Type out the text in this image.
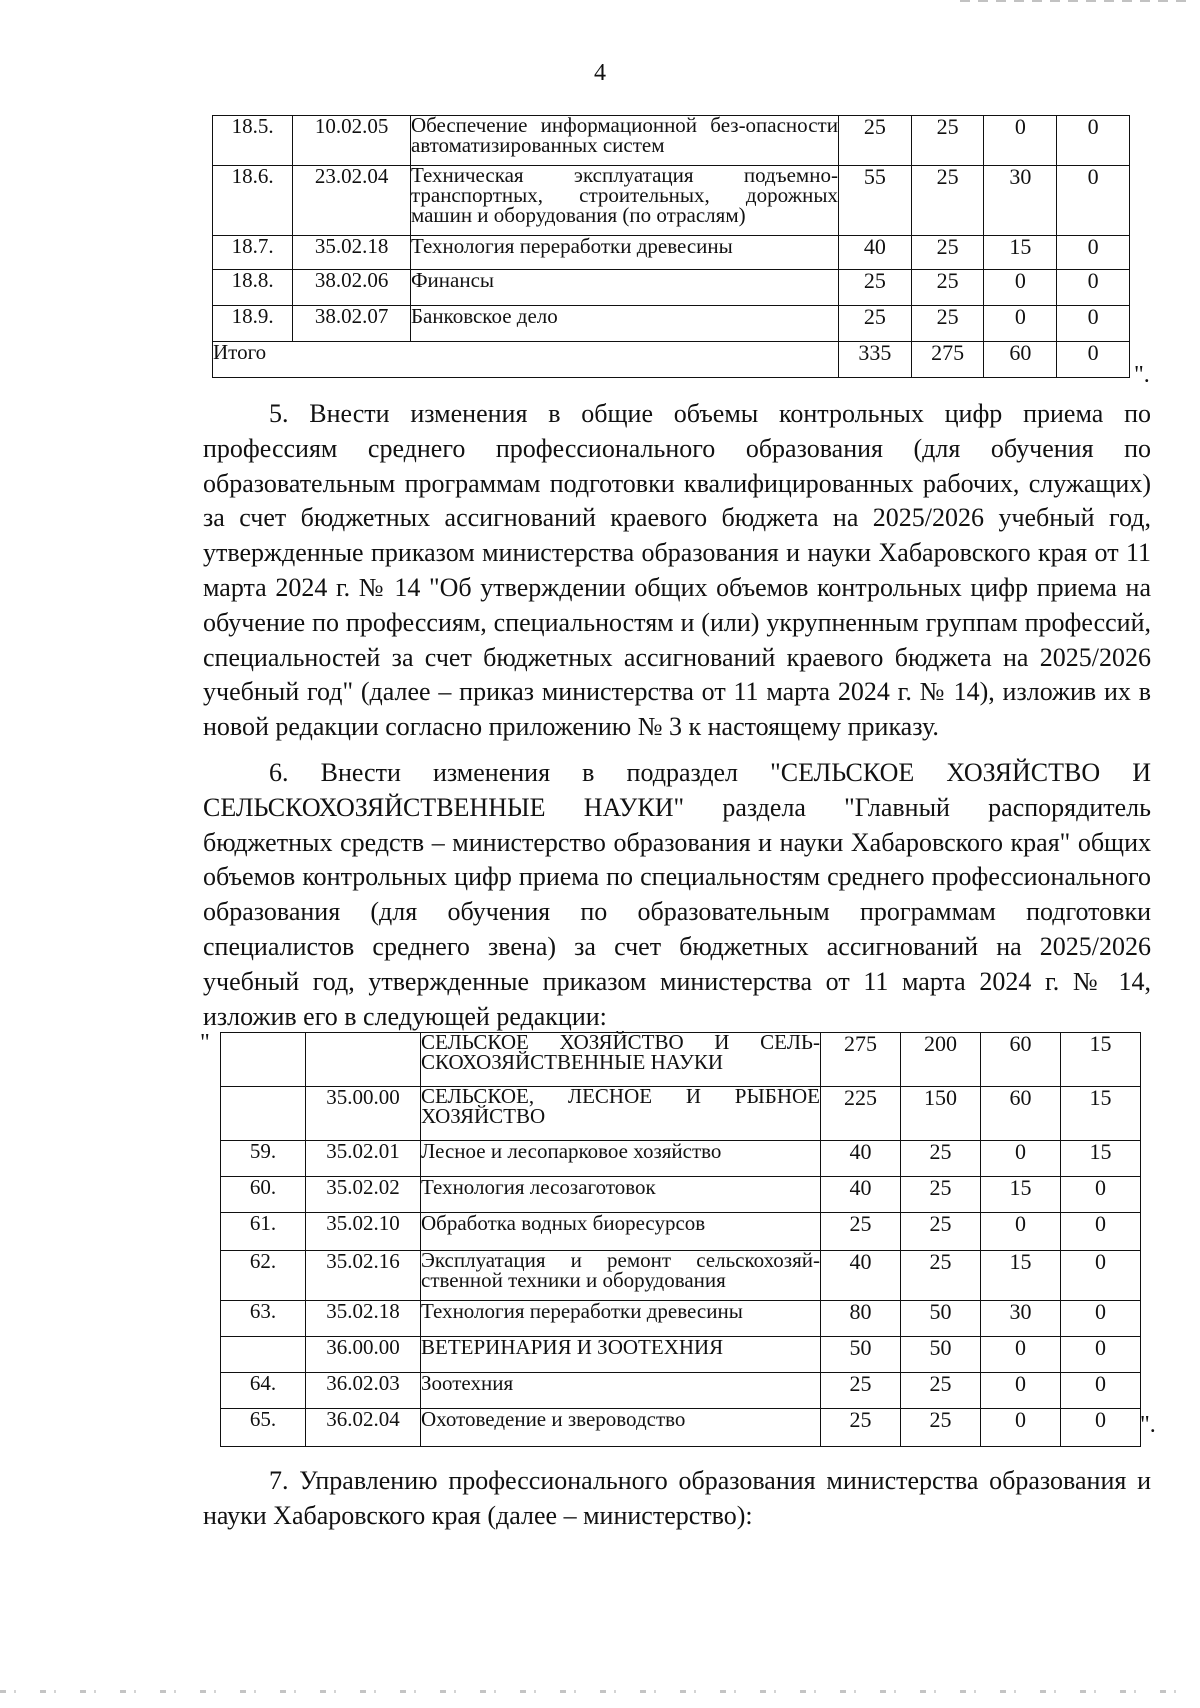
4
18.5.	10.02.05	Обеспечение информационной без-опасности автоматизированных систем	25	25	0	0
18.6.	23.02.04	Техническая эксплуатация подъемно-транспортных, строительных, дорожных машин и оборудования (по отраслям)	55	25	30	0
18.7.	35.02.18	Технология переработки древесины	40	25	15	0
18.8.	38.02.06	Финансы	25	25	0	0
18.9.	38.02.07	Банковское дело	25	25	0	0
Итого			335	275	60	0
".

5. Внести изменения в общие объемы контрольных цифр приема по профессиям среднего профессионального образования (для обучения по образовательным программам подготовки квалифицированных рабочих, служащих) за счет бюджетных ассигнований краевого бюджета на 2025/2026 учебный год, утвержденные приказом министерства образования и науки Хабаровского края от 11 марта 2024 г. № 14 "Об утверждении общих объемов контрольных цифр приема на обучение по профессиям, специальностям и (или) укрупненным группам профессий, специальностей за счет бюджетных ассигнований краевого бюджета на 2025/2026 учебный год" (далее – приказ министерства от 11 марта 2024 г. № 14), изложив их в новой редакции согласно приложению № 3 к настоящему приказу.

6. Внести изменения в подраздел "СЕЛЬСКОЕ ХОЗЯЙСТВО И СЕЛЬСКОХОЗЯЙСТВЕННЫЕ НАУКИ" раздела "Главный распорядитель бюджетных средств – министерство образования и науки Хабаровского края" общих объемов контрольных цифр приема по специальностям среднего профессионального образования (для обучения по образовательным программам подготовки специалистов среднего звена) за счет бюджетных ассигнований на 2025/2026 учебный год, утвержденные приказом министерства от 11 марта 2024 г. № 14, изложив его в следующей редакции:

"
			СЕЛЬСКОЕ ХОЗЯЙСТВО И СЕЛЬ-СКОХОЗЯЙСТВЕННЫЕ НАУКИ	275	200	60	15
	35.00.00	СЕЛЬСКОЕ, ЛЕСНОЕ И РЫБНОЕ ХОЗЯЙСТВО	225	150	60	15
59.	35.02.01	Лесное и лесопарковое хозяйство	40	25	0	15
60.	35.02.02	Технология лесозаготовок	40	25	15	0
61.	35.02.10	Обработка водных биоресурсов	25	25	0	0
62.	35.02.16	Эксплуатация и ремонт сельскохозяй-ственной техники и оборудования	40	25	15	0
63.	35.02.18	Технология переработки древесины	80	50	30	0
	36.00.00	ВЕТЕРИНАРИЯ И ЗООТЕХНИЯ	50	50	0	0
64.	36.02.03	Зоотехния	25	25	0	0
65.	36.02.04	Охотоведение и звероводство	25	25	0	0 ".

7. Управлению профессионального образования министерства образования и науки Хабаровского края (далее – министерство):
